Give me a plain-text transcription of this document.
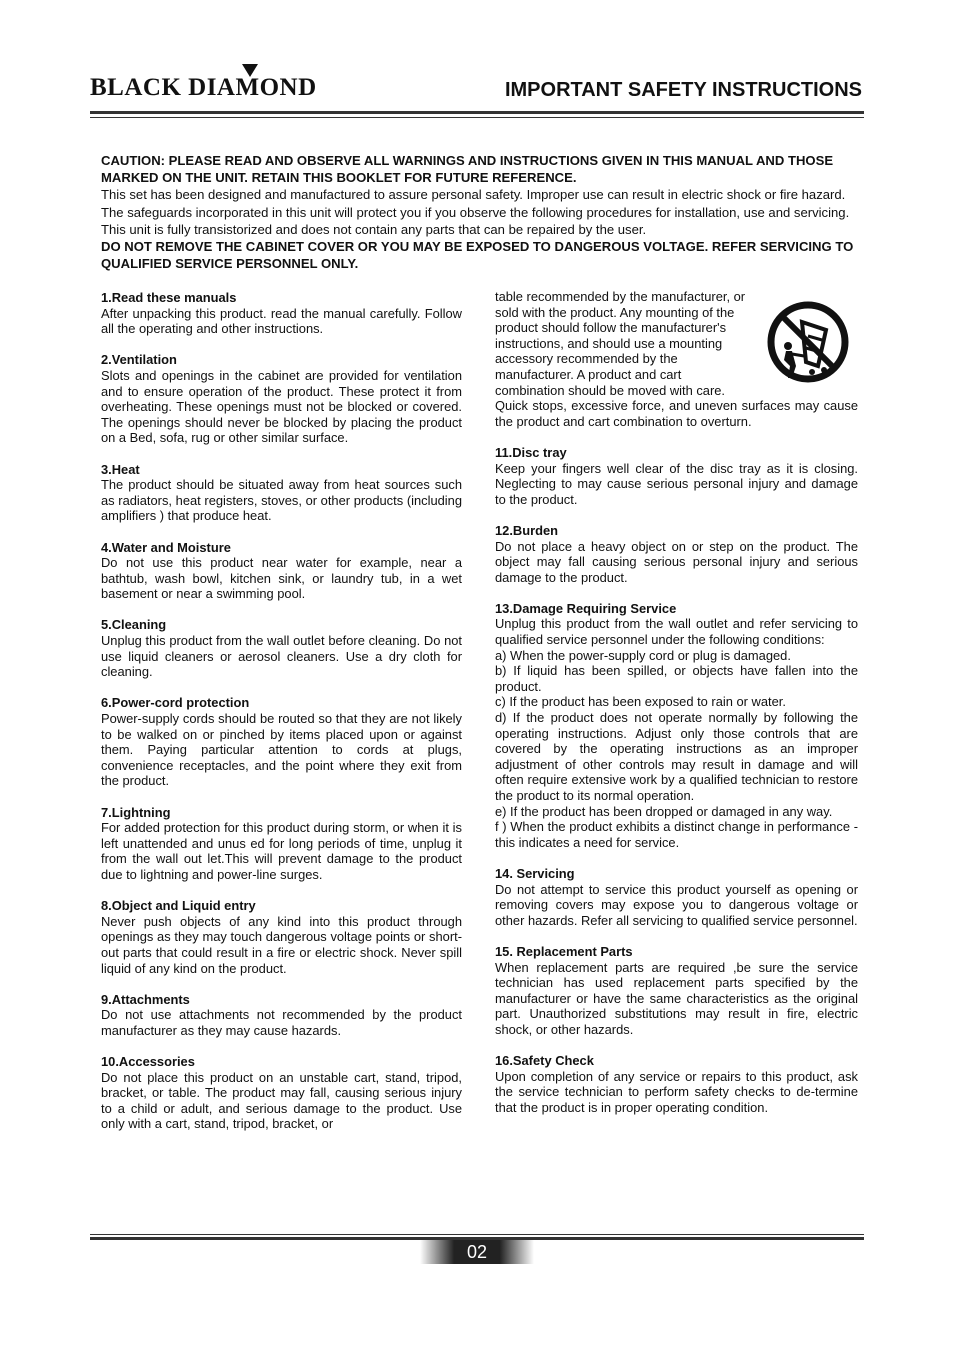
BLACK DIAMOND	IMPORTANT SAFETY INSTRUCTIONS
CAUTION: PLEASE READ AND OBSERVE ALL WARNINGS AND INSTRUCTIONS GIVEN IN THIS MANUAL AND THOSE MARKED ON THE UNIT. RETAIN THIS BOOKLET FOR FUTURE REFERENCE.
This set has been designed and manufactured to assure personal safety. Improper use can result in electric shock or fire hazard. The safeguards incorporated in this unit will protect you if you observe the following procedures for installation, use and servicing. This unit is fully transistorized and does not contain any parts that can be repaired by the user.
DO NOT REMOVE THE CABINET COVER OR YOU MAY BE EXPOSED TO DANGEROUS VOLTAGE. REFER SERVICING TO QUALIFIED SERVICE PERSONNEL ONLY.
1.Read these manuals

After unpacking this product. read the manual carefully. Follow all the operating and other instructions.

2.Ventilation

Slots and openings in the cabinet are provided for ventilation and to ensure operation of the product. These protect it from overheating. These openings must not be blocked or covered. The openings should never be blocked by placing the product on a Bed, sofa, rug or other similar surface.

3.Heat

The product should be situated away from heat sources such as radiators, heat registers, stoves, or other products (including amplifiers ) that produce heat.

4.Water and Moisture

Do not use this product near water for example, near a bathtub, wash bowl, kitchen sink, or laundry tub, in a wet basement or near a swimming pool.

5.Cleaning

Unplug this product from the wall outlet before cleaning. Do not use liquid cleaners or aerosol cleaners. Use a dry cloth for cleaning.

6.Power-cord protection

Power-supply cords should be routed so that they are not likely to be walked on or pinched by items placed upon or against them. Paying particular attention to cords at plugs, convenience receptacles, and the point where they exit from the product.

7.Lightning

For added protection for this product during storm, or when it is left unattended and unus ed for long periods of time, unplug it from the wall out let.This will prevent damage to the product due to lightning and power-line surges.

8.Object and Liquid entry

Never push objects of any kind into this product through openings as they may touch dangerous voltage points or short-out parts that could result in a fire or electric shock. Never spill liquid of any kind on the product.

9.Attachments

Do not use attachments not recommended by the product manufacturer as they may cause hazards.

10.Accessories

Do not place this product on an unstable cart, stand, tripod, bracket, or table. The product may fall, causing serious injury to a child or adult, and serious damage to the product. Use only with a cart, stand, tripod, bracket, or

table recommended by the manufacturer, or sold with the product. Any mounting of the product should follow the manufacturer's instructions, and should use a mounting accessory recommended by the manufacturer. A product and cart combination should be moved with care.

Quick stops, excessive force, and uneven surfaces may cause the product and cart combination to overturn.

11.Disc tray

Keep your fingers well clear of the disc tray as it is closing. Neglecting to may cause serious personal injury and damage to the product.

12.Burden

Do not place a heavy object on or step on the product. The object may fall causing serious personal injury and serious damage to the product.

13.Damage Requiring Service

Unplug this product from the wall outlet and refer servicing to qualified service personnel under the following conditions:

a) When the power-supply cord or plug is damaged.

b) If liquid has been spilled, or objects have fallen into the product.

c) If the product has been exposed to rain or water.

d) If the product does not operate normally by following the operating instructions. Adjust only those controls that are covered by the operating instructions as an improper adjustment of other controls may result in damage and will often require extensive work by a qualified technician to restore the product to its normal operation.

e) If the product has been dropped or damaged in any way.

f ) When the product exhibits a distinct change in performance - this indicates a need for service.

14. Servicing

Do not attempt to service this product yourself as opening or removing covers may expose you to dangerous voltage or other hazards. Refer all servicing to qualified service personnel.

15. Replacement Parts

When replacement parts are required ,be sure the service technician has used replacement parts specified by the manufacturer or have the same characteristics as the original part. Unauthorized substitutions may result in fire, electric shock, or other hazards.

16.Safety Check

Upon completion of any service or repairs to this product, ask the service technician to perform safety checks to de-termine that the product is in proper operating condition.

02
